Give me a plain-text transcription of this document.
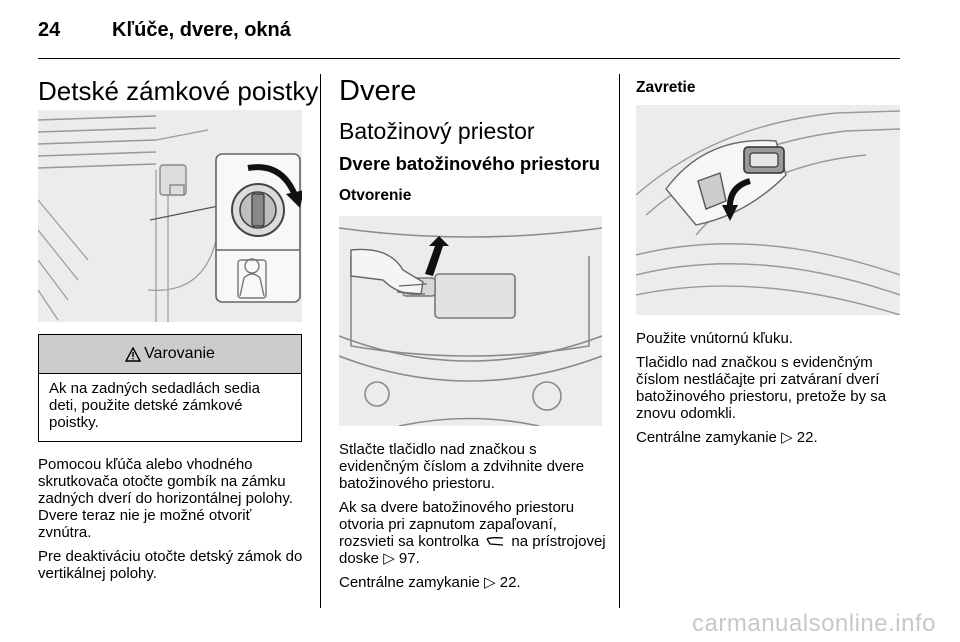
24	Kľúče, dvere, okná
Detské zámkové poistky
Varovanie
Ak na zadných sedadlách sedia deti, použite detské zámkové poistky.

Pomocou kľúča alebo vhodného skrutkovača otočte gombík na zámku zadných dverí do horizontálnej polohy. Dvere teraz nie je možné otvoriť zvnútra.

Pre deaktiváciu otočte detský zámok do vertikálnej polohy.

Dvere
Batožinový priestor
Dvere batožinového priestoru
Otvorenie

Stlačte tlačidlo nad značkou s evidenčným číslom a zdvihnite dvere batožinového priestoru.

Ak sa dvere batožinového priestoru otvoria pri zapnutom zapaľovaní, rozsvieti sa kontrolka na prístrojovej doske ▷ 97.

Centrálne zamykanie ▷ 22.

Zavretie

Použite vnútornú kľuku.

Tlačidlo nad značkou s evidenčným číslom nestláčajte pri zatváraní dverí batožinového priestoru, pretože by sa znovu odomkli.

Centrálne zamykanie ▷ 22.

carmanualsonline.info
